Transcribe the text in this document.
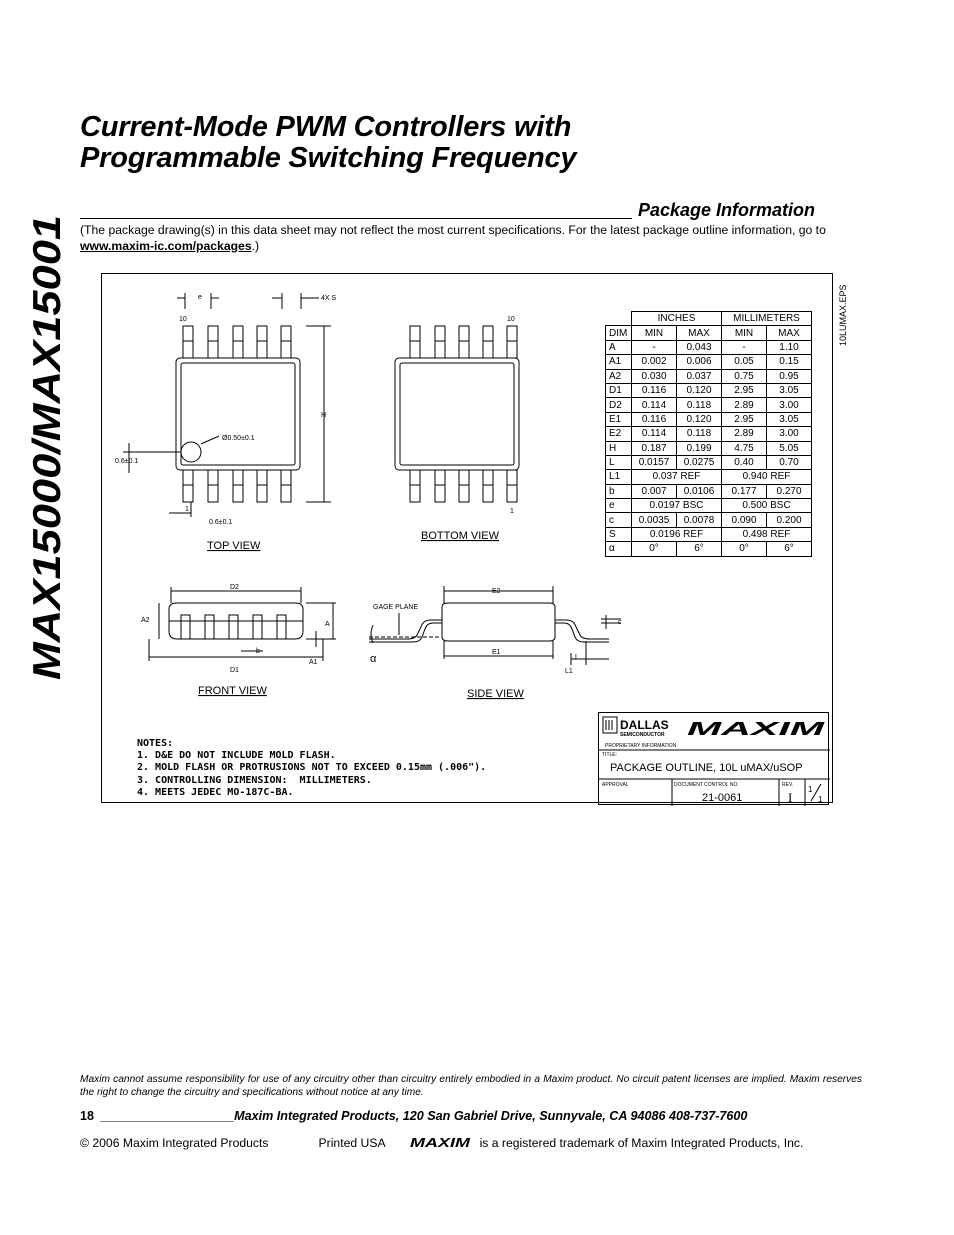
MAX15000/MAX15001
Current-Mode PWM Controllers with
Programmable Switching Frequency
Package Information
(The package drawing(s) in this data sheet may not reflect the most current specifications. For the latest package outline information, go to www.maxim-ic.com/packages.)
10LUMAX.EPS
e	4X S
10
H
Ø0.50±0.1
0.6±0.1
1
0.6±0.1
TOP VIEW
10
1
BOTTOM VIEW
D2
A2
A
b
A1
D1
FRONT VIEW
E2
GAGE PLANE
c
E1
L
α
L1
SIDE VIEW
	INCHES		MILLIMETERS	
DIM	MIN	MAX	MIN	MAX
A	-	0.043	-	1.10
A1	0.002	0.006	0.05	0.15
A2	0.030	0.037	0.75	0.95
D1	0.116	0.120	2.95	3.05
D2	0.114	0.118	2.89	3.00
E1	0.116	0.120	2.95	3.05
E2	0.114	0.118	2.89	3.00
H	0.187	0.199	4.75	5.05
L	0.0157	0.0275	0.40	0.70
L1	0.037 REF		0.940 REF	
b	0.007	0.0106	0.177	0.270
e	0.0197 BSC		0.500 BSC	
c	0.0035	0.0078	0.090	0.200
S	0.0196 REF		0.498 REF	
α	0°	6°	0°	6°
NOTES:
1. D&E DO NOT INCLUDE MOLD FLASH.
2. MOLD FLASH OR PROTRUSIONS NOT TO EXCEED 0.15mm (.006").
3. CONTROLLING DIMENSION:  MILLIMETERS.
4. MEETS JEDEC MO-187C-BA.
DALLAS
SEMICONDUCTOR MAXIM
PROPRIETARY INFORMATION
TITLE:
PACKAGE OUTLINE, 10L uMAX/uSOP
APPROVAL	DOCUMENT CONTROL NO.
21-0061
REV.
I
1
1
Maxim cannot assume responsibility for use of any circuitry other than circuitry entirely embodied in a Maxim product. No circuit patent licenses are implied. Maxim reserves the right to change the circuitry and specifications without notice at any time.
18  ___________________Maxim Integrated Products, 120 San Gabriel Drive, Sunnyvale, CA 94086 408-737-7600
© 2006 Maxim Integrated Products	Printed USA MAXIM is a registered trademark of Maxim Integrated Products, Inc.
